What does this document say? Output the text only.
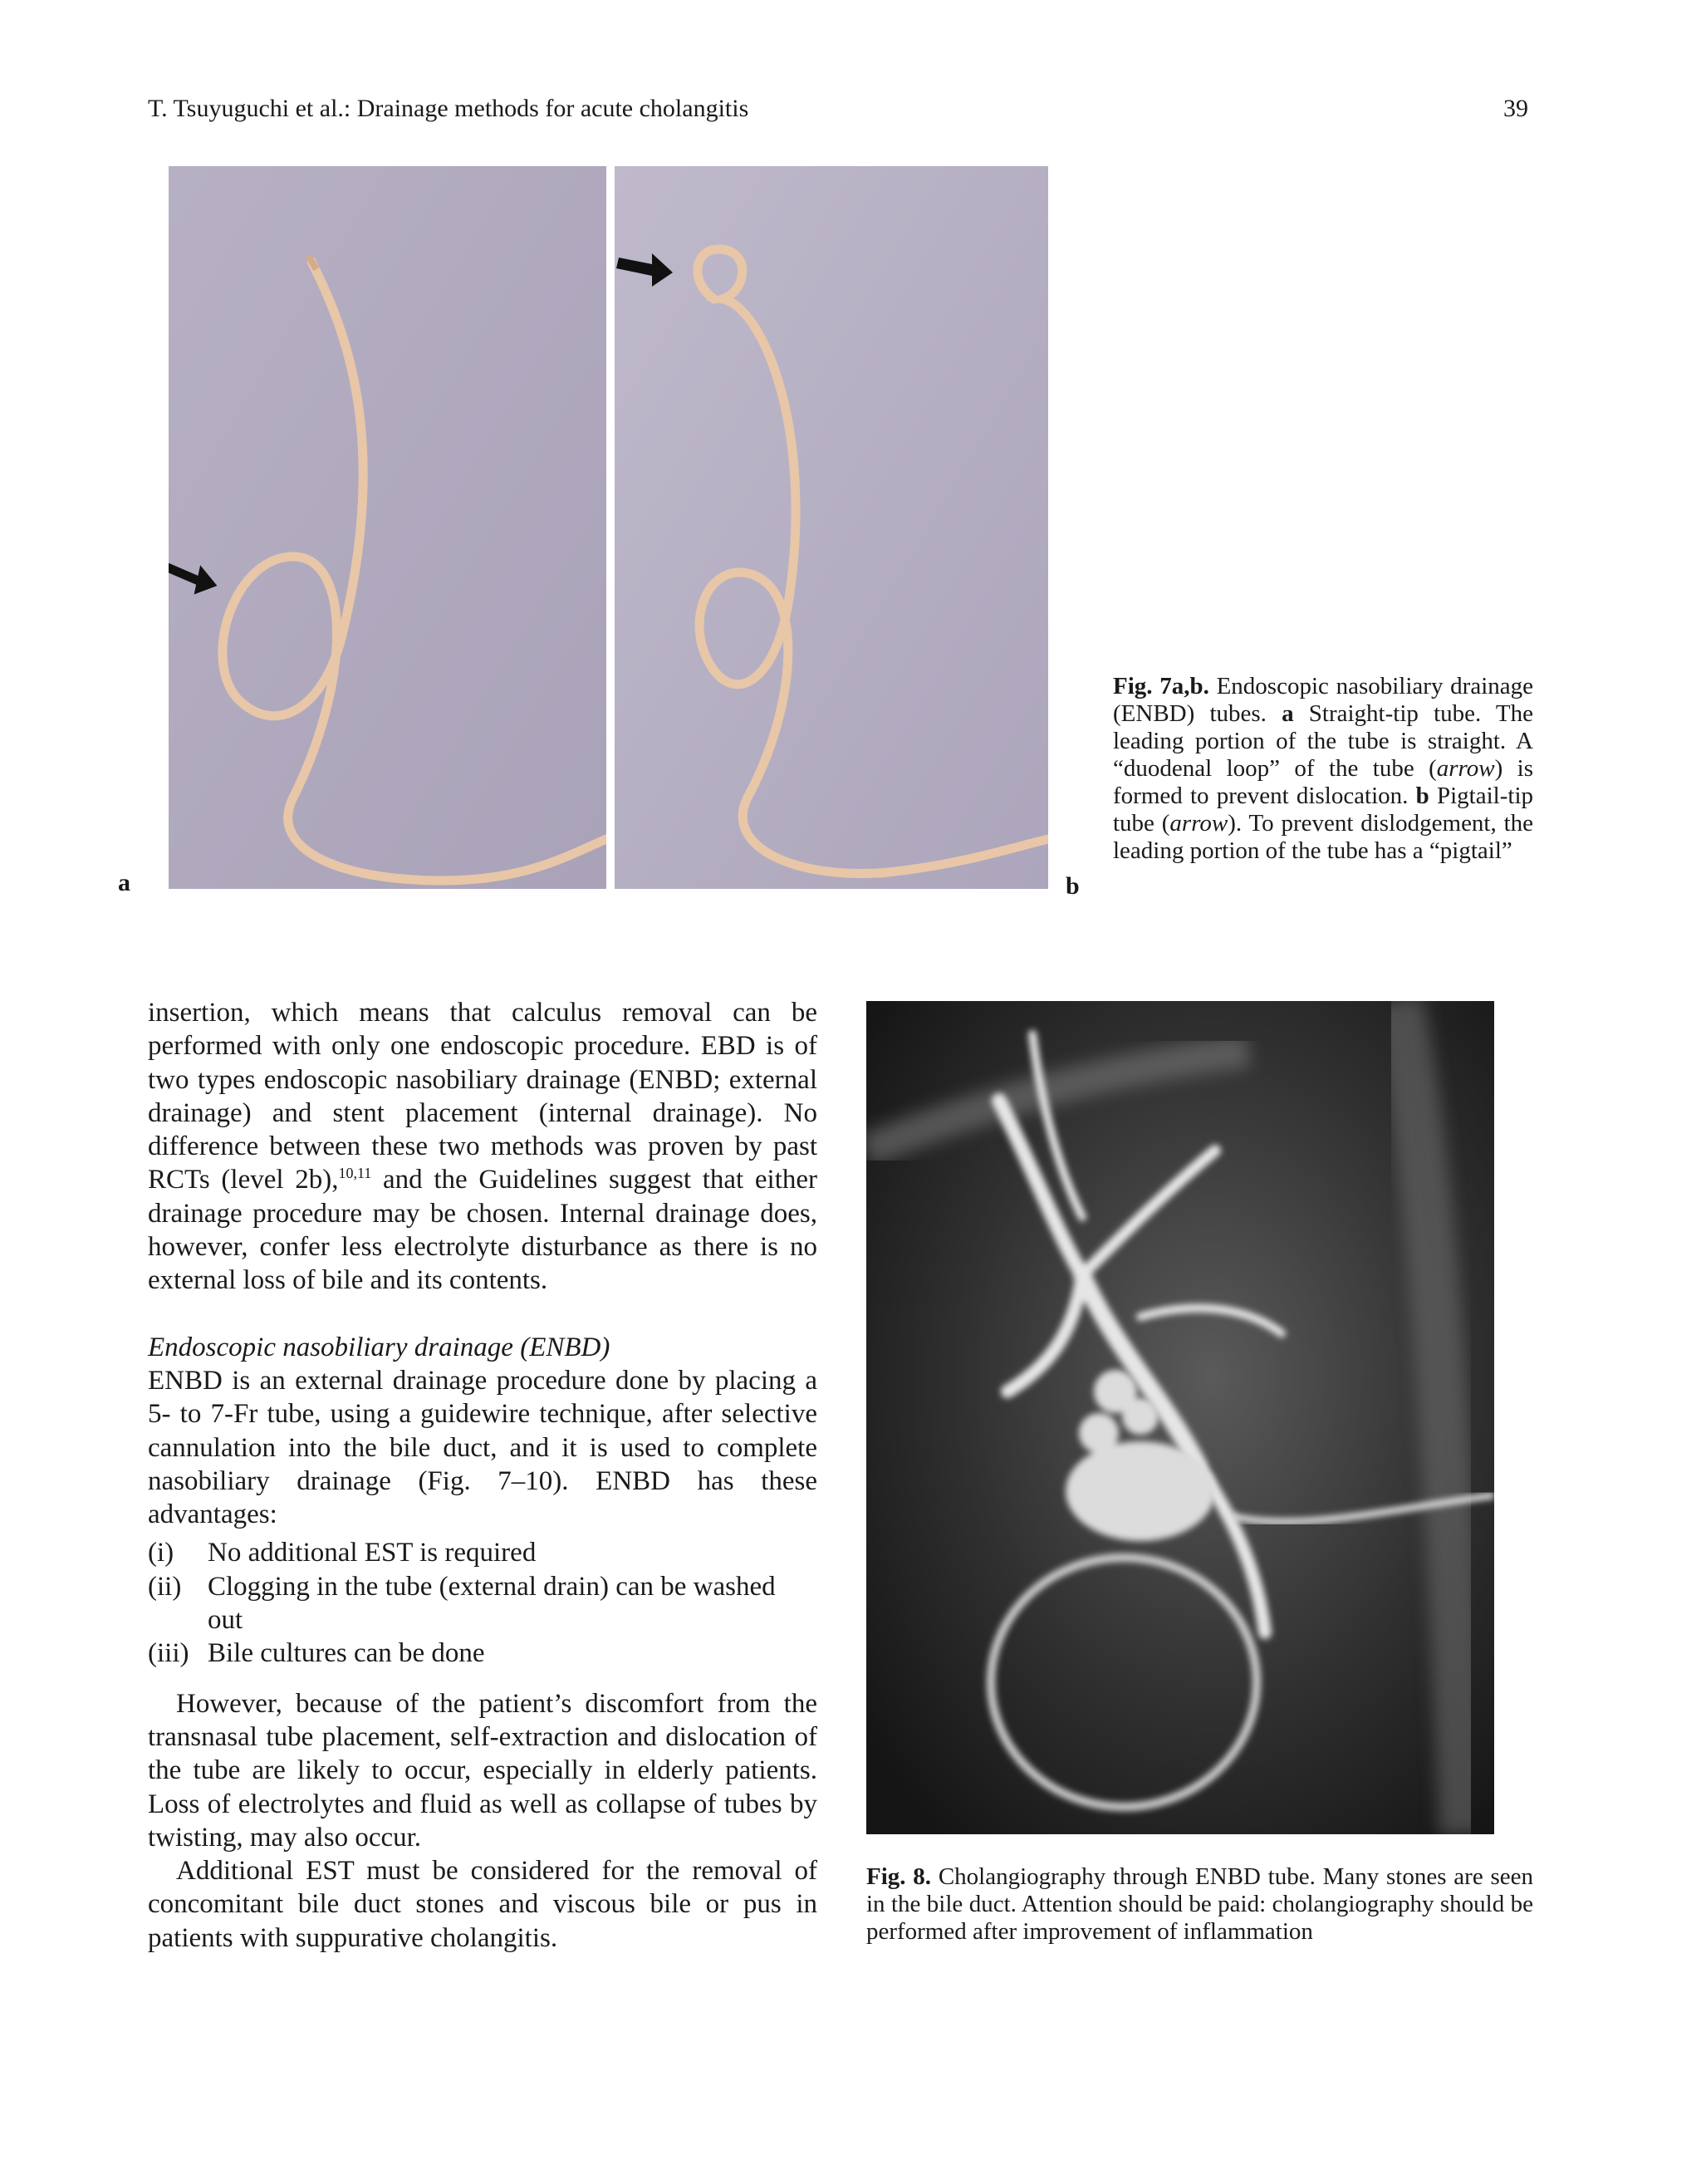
T. Tsuyuguchi et al.: Drainage methods for acute cholangitis	39
a	b
Fig. 7a,b. Endoscopic nasobiliary drainage (ENBD) tubes. a Straight-tip tube. The leading portion of the tube is straight. A “duodenal loop” of the tube (arrow) is formed to prevent dislocation. b Pigtail-tip tube (arrow). To prevent dislodgement, the leading portion of the tube has a “pigtail”
Fig. 8. Cholangiography through ENBD tube. Many stones are seen in the bile duct. Attention should be paid: cholangiography should be performed after improvement of inflammation

insertion, which means that calculus removal can be performed with only one endoscopic procedure. EBD is of two types endoscopic nasobiliary drainage (ENBD; external drainage) and stent placement (internal drainage). No difference between these two methods was proven by past RCTs (level 2b),$^{10,11}$ and the Guidelines suggest that either drainage procedure may be chosen. Internal drainage does, however, confer less electrolyte disturbance as there is no external loss of bile and its contents.

Endoscopic nasobiliary drainage (ENBD)

ENBD is an external drainage procedure done by placing a 5- to 7-Fr tube, using a guidewire technique, after selective cannulation into the bile duct, and it is used to complete nasobiliary drainage (Fig. 7–10). ENBD has these advantages:

(i) No additional EST is required
(ii) Clogging in the tube (external drain) can be washed out
(iii) Bile cultures can be done

However, because of the patient’s discomfort from the transnasal tube placement, self-extraction and dislocation of the tube are likely to occur, especially in elderly patients. Loss of electrolytes and fluid as well as collapse of tubes by twisting, may also occur.

Additional EST must be considered for the removal of concomitant bile duct stones and viscous bile or pus in patients with suppurative cholangitis.
